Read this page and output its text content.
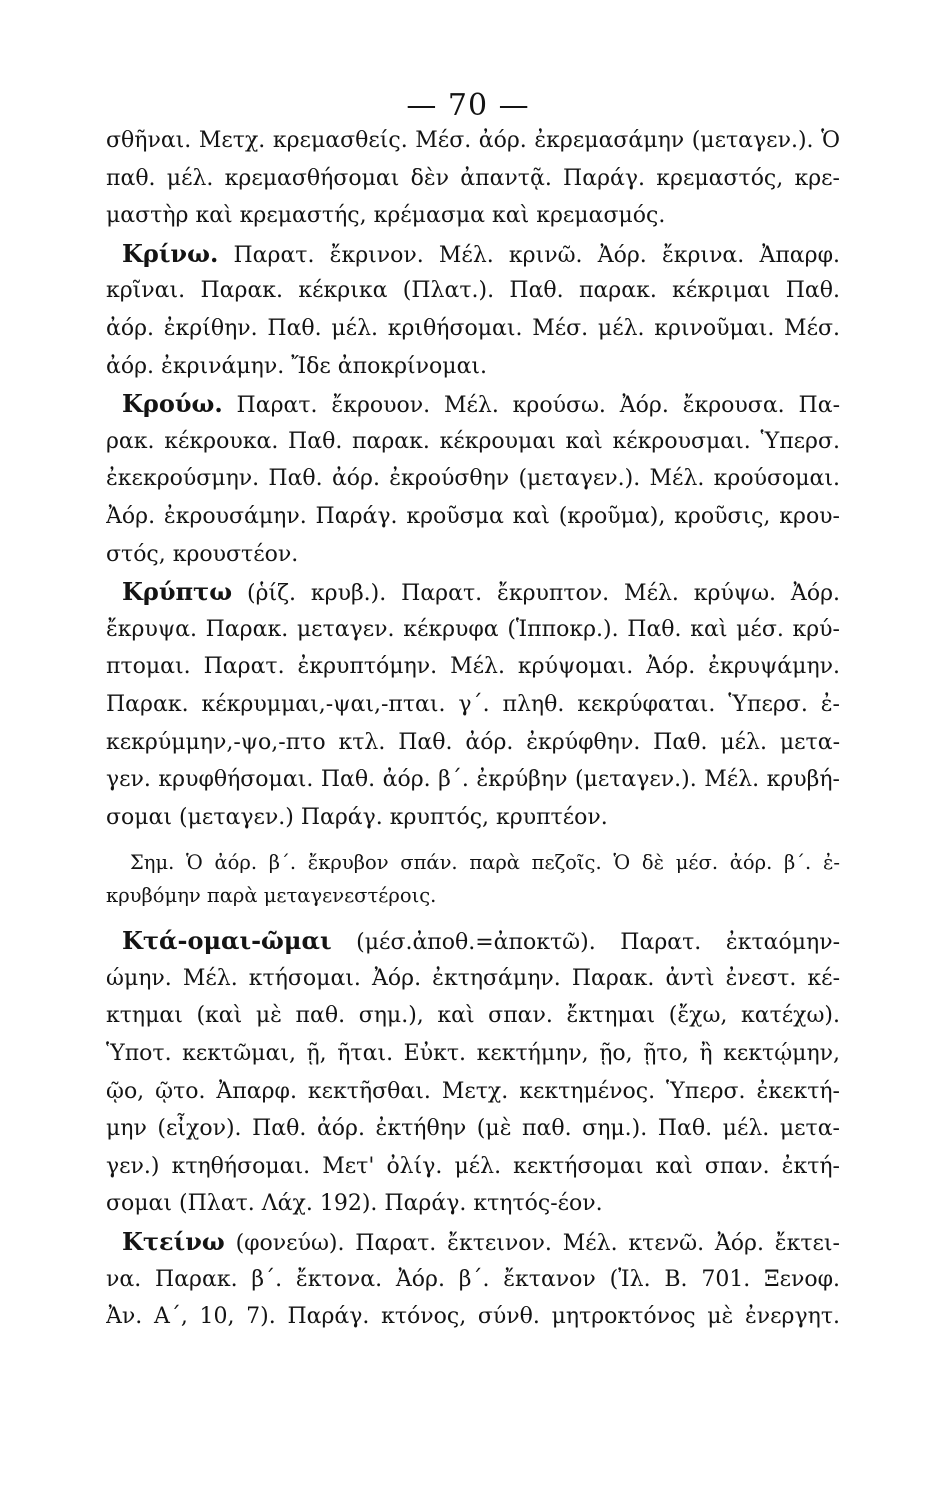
— 70 —
σθῆναι. Μετχ. κρεμασθείς. Μέσ. ἀόρ. ἐκρεμασάμην (μεταγεν.). Ὁ
παθ. μέλ. κρεμασθήσομαι δὲν ἀπαντᾷ. Παράγ. κρεμαστός, κρε-
μαστὴρ καὶ κρεμαστής, κρέμασμα καὶ κρεμασμός.
Κρίνω. Παρατ. ἔκρινον. Μέλ. κρινῶ. Ἀόρ. ἔκρινα. Ἀπαρφ.
κρῖναι. Παρακ. κέκρικα (Πλατ.). Παθ. παρακ. κέκριμαι Παθ.
ἀόρ. ἐκρίθην. Παθ. μέλ. κριθήσομαι. Μέσ. μέλ. κρινοῦμαι. Μέσ.
ἀόρ. ἐκρινάμην. Ἴδε ἀποκρίνομαι.
Κρούω. Παρατ. ἔκρουον. Μέλ. κρούσω. Ἀόρ. ἔκρουσα. Πα-
ρακ. κέκρουκα. Παθ. παρακ. κέκρουμαι καὶ κέκρουσμαι. Ὑπερσ.
ἐκεκρούσμην. Παθ. ἀόρ. ἐκρούσθην (μεταγεν.). Μέλ. κρούσομαι.
Ἀόρ. ἐκρουσάμην. Παράγ. κροῦσμα καὶ (κροῦμα), κροῦσις, κρου-
στός, κρουστέον.
Κρύπτω (ῥίζ. κρυβ.). Παρατ. ἔκρυπτον. Μέλ. κρύψω. Ἀόρ.
ἔκρυψα. Παρακ. μεταγεν. κέκρυφα (Ἱπποκρ.). Παθ. καὶ μέσ. κρύ-
πτομαι. Παρατ. ἐκρυπτόμην. Μέλ. κρύψομαι. Ἀόρ. ἐκρυψάμην.
Παρακ. κέκρυμμαι,-ψαι,-πται. γ΄. πληθ. κεκρύφαται. Ὑπερσ. ἐ-
κεκρύμμην,-ψο,-πτο κτλ. Παθ. ἀόρ. ἐκρύφθην. Παθ. μέλ. μετα-
γεν. κρυφθήσομαι. Παθ. ἀόρ. β΄. ἐκρύβην (μεταγεν.). Μέλ. κρυβή-
σομαι (μεταγεν.) Παράγ. κρυπτός, κρυπτέον.
Σημ. Ὁ ἀόρ. β΄. ἔκρυβον σπάν. παρὰ πεζοῖς. Ὁ δὲ μέσ. ἀόρ. β΄. ἐ-
κρυβόμην παρὰ μεταγενεστέροις.
Κτά-ομαι-ῶμαι (μέσ.ἀποθ.=ἀποκτῶ). Παρατ. ἐκταόμην-
ώμην. Μέλ. κτήσομαι. Ἀόρ. ἐκτησάμην. Παρακ. ἀντὶ ἐνεστ. κέ-
κτημαι (καὶ μὲ παθ. σημ.), καὶ σπαν. ἔκτημαι (ἔχω, κατέχω).
Ὑποτ. κεκτῶμαι, ῇ, ῆται. Εὐκτ. κεκτήμην, ῇο, ῇτο, ἢ κεκτῴμην,
ῷο, ῷτο. Ἀπαρφ. κεκτῆσθαι. Μετχ. κεκτημένος. Ὑπερσ. ἐκεκτή-
μην (εἶχον). Παθ. ἀόρ. ἐκτήθην (μὲ παθ. σημ.). Παθ. μέλ. μετα-
γεν.) κτηθήσομαι. Μετ' ὀλίγ. μέλ. κεκτήσομαι καὶ σπαν. ἐκτή-
σομαι (Πλατ. Λάχ. 192). Παράγ. κτητός-έον.
Κτείνω (φονεύω). Παρατ. ἔκτεινον. Μέλ. κτενῶ. Ἀόρ. ἔκτει-
να. Παρακ. β΄. ἔκτονα. Ἀόρ. β΄. ἔκτανον (Ἰλ. Β. 701. Ξενοφ.
Ἀν. Α΄, 10, 7). Παράγ. κτόνος, σύνθ. μητροκτόνος μὲ ἐνεργητ.
